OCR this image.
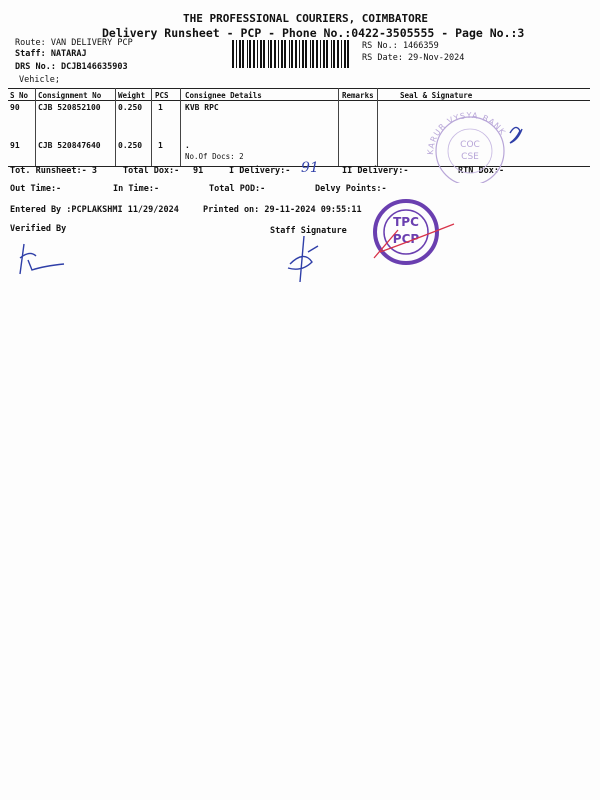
THE PROFESSIONAL COURIERS, COIMBATORE
Delivery Runsheet - PCP - Phone No.:0422-3505555 - Page No.:3
Route: VAN DELIVERY PCP
Staff: NATARAJ
DRS No.: DCJB146635903
Vehicle;
RS No.: 1466359
RS Date: 29-Nov-2024
S No Consignment No Weight PCS Consignee Details	Remarks	Seal & Signature
90 CJB 520852100 0.250 1	KVB RPC
91 CJB 520847640 0.250 1	.
No.Of Docs: 2
Tot. Runsheet:- 3	Total Dox:- 91	I Delivery:- 91	II Delivery:-	RTN Dox:-
Out Time:-	In Time:-	Total POD:-	Delvy Points:-
Entered By :PCPLAKSHMI 11/29/2024	Printed on: 29-11-2024 09:55:11
Verified By	Staff Signature
KARUR VYSYA BANK
COC
CSE
TPC
PCP
